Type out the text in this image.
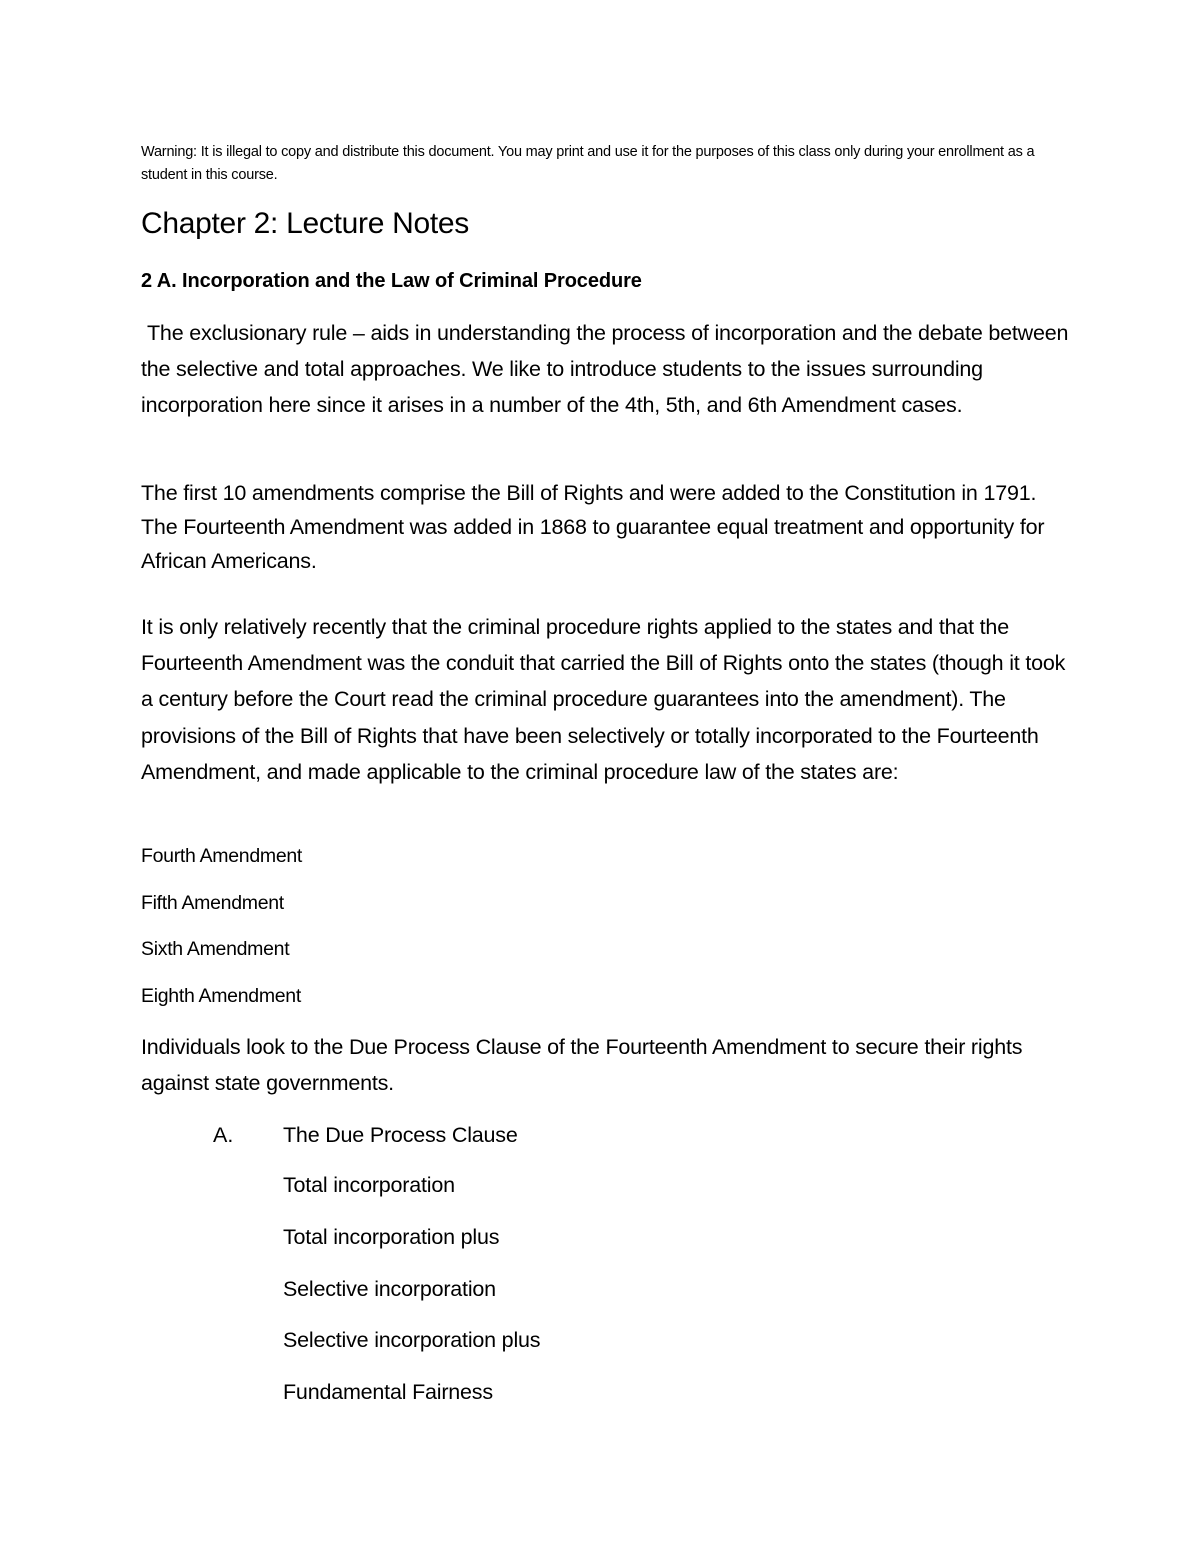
Warning: It is illegal to copy and distribute this document. You may print and use it for the purposes of this class only during your enrollment as a student in this course.
Chapter 2: Lecture Notes
2 A. Incorporation and the Law of Criminal Procedure

The exclusionary rule – aids in understanding the process of incorporation and the debate between the selective and total approaches. We like to introduce students to the issues surrounding incorporation here since it arises in a number of the 4th, 5th, and 6th Amendment cases.

The first 10 amendments comprise the Bill of Rights and were added to the Constitution in 1791. The Fourteenth Amendment was added in 1868 to guarantee equal treatment and opportunity for African Americans.

It is only relatively recently that the criminal procedure rights applied to the states and that the Fourteenth Amendment was the conduit that carried the Bill of Rights onto the states (though it took a century before the Court read the criminal procedure guarantees into the amendment). The provisions of the Bill of Rights that have been selectively or totally incorporated to the Fourteenth Amendment, and made applicable to the criminal procedure law of the states are:

Fourth Amendment

Fifth Amendment

Sixth Amendment

Eighth Amendment

Individuals look to the Due Process Clause of the Fourteenth Amendment to secure their rights against state governments.

A. The Due Process Clause

Total incorporation

Total incorporation plus

Selective incorporation

Selective incorporation plus

Fundamental Fairness
